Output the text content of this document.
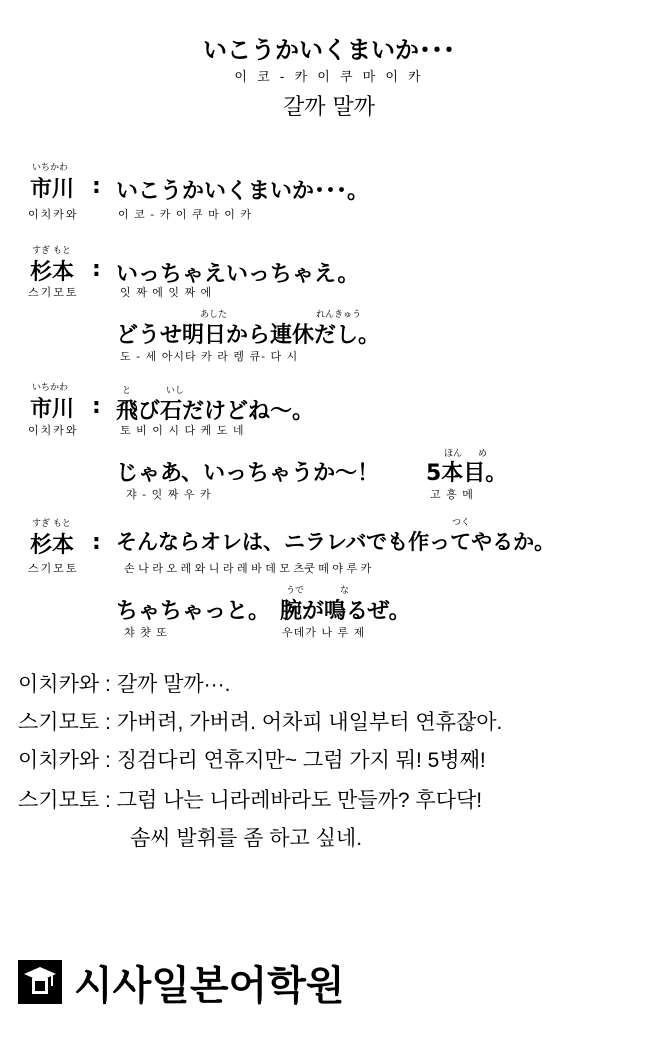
いこうかいくまいか･･･
이 코 - 카 이 쿠 마 이 카
갈까 말까
いちかわ
市川
이치카와
: いこうかいくまいか･･･。
이 코 - 카 이 쿠 마 이 카
すぎ もと
杉本
스기모토
: いっちゃえいっちゃえ。
잇 짜 에 잇 짜 에
あした	れんきゅう
どうせ明日から連休だし。
도 - 세 아시타 카 라 렝 큐- 다 시
いちかわ
市川
이치카와
:
と	いし
飛び石だけどね～。
토 비 이 시 다 케 도 네
じゃあ、いっちゃうか～！
쟈 - 잇 짜 우 카
ほん め
5本目。
고 흥 메
すぎ もと
杉本
스기모토
:
つく
そんならオレは、ニラレバでも作ってやるか。
손 나 라 오 레 와 니 라 레 바 데 모 츠쿳 떼 야 루 카
ちゃちゃっと。
챠 챳 또
うで	な
腕が鳴るぜ。
우데가 나 루 제
이치카와 : 갈까 말까···.
스기모토 : 가버려, 가버려. 어차피 내일부터 연휴잖아.
이치카와 : 징검다리 연휴지만~ 그럼 가지 뭐! 5병째!
스기모토 : 그럼 나는 니라레바라도 만들까? 후다닥!
솜씨 발휘를 좀 하고 싶네.
시사일본어학원
